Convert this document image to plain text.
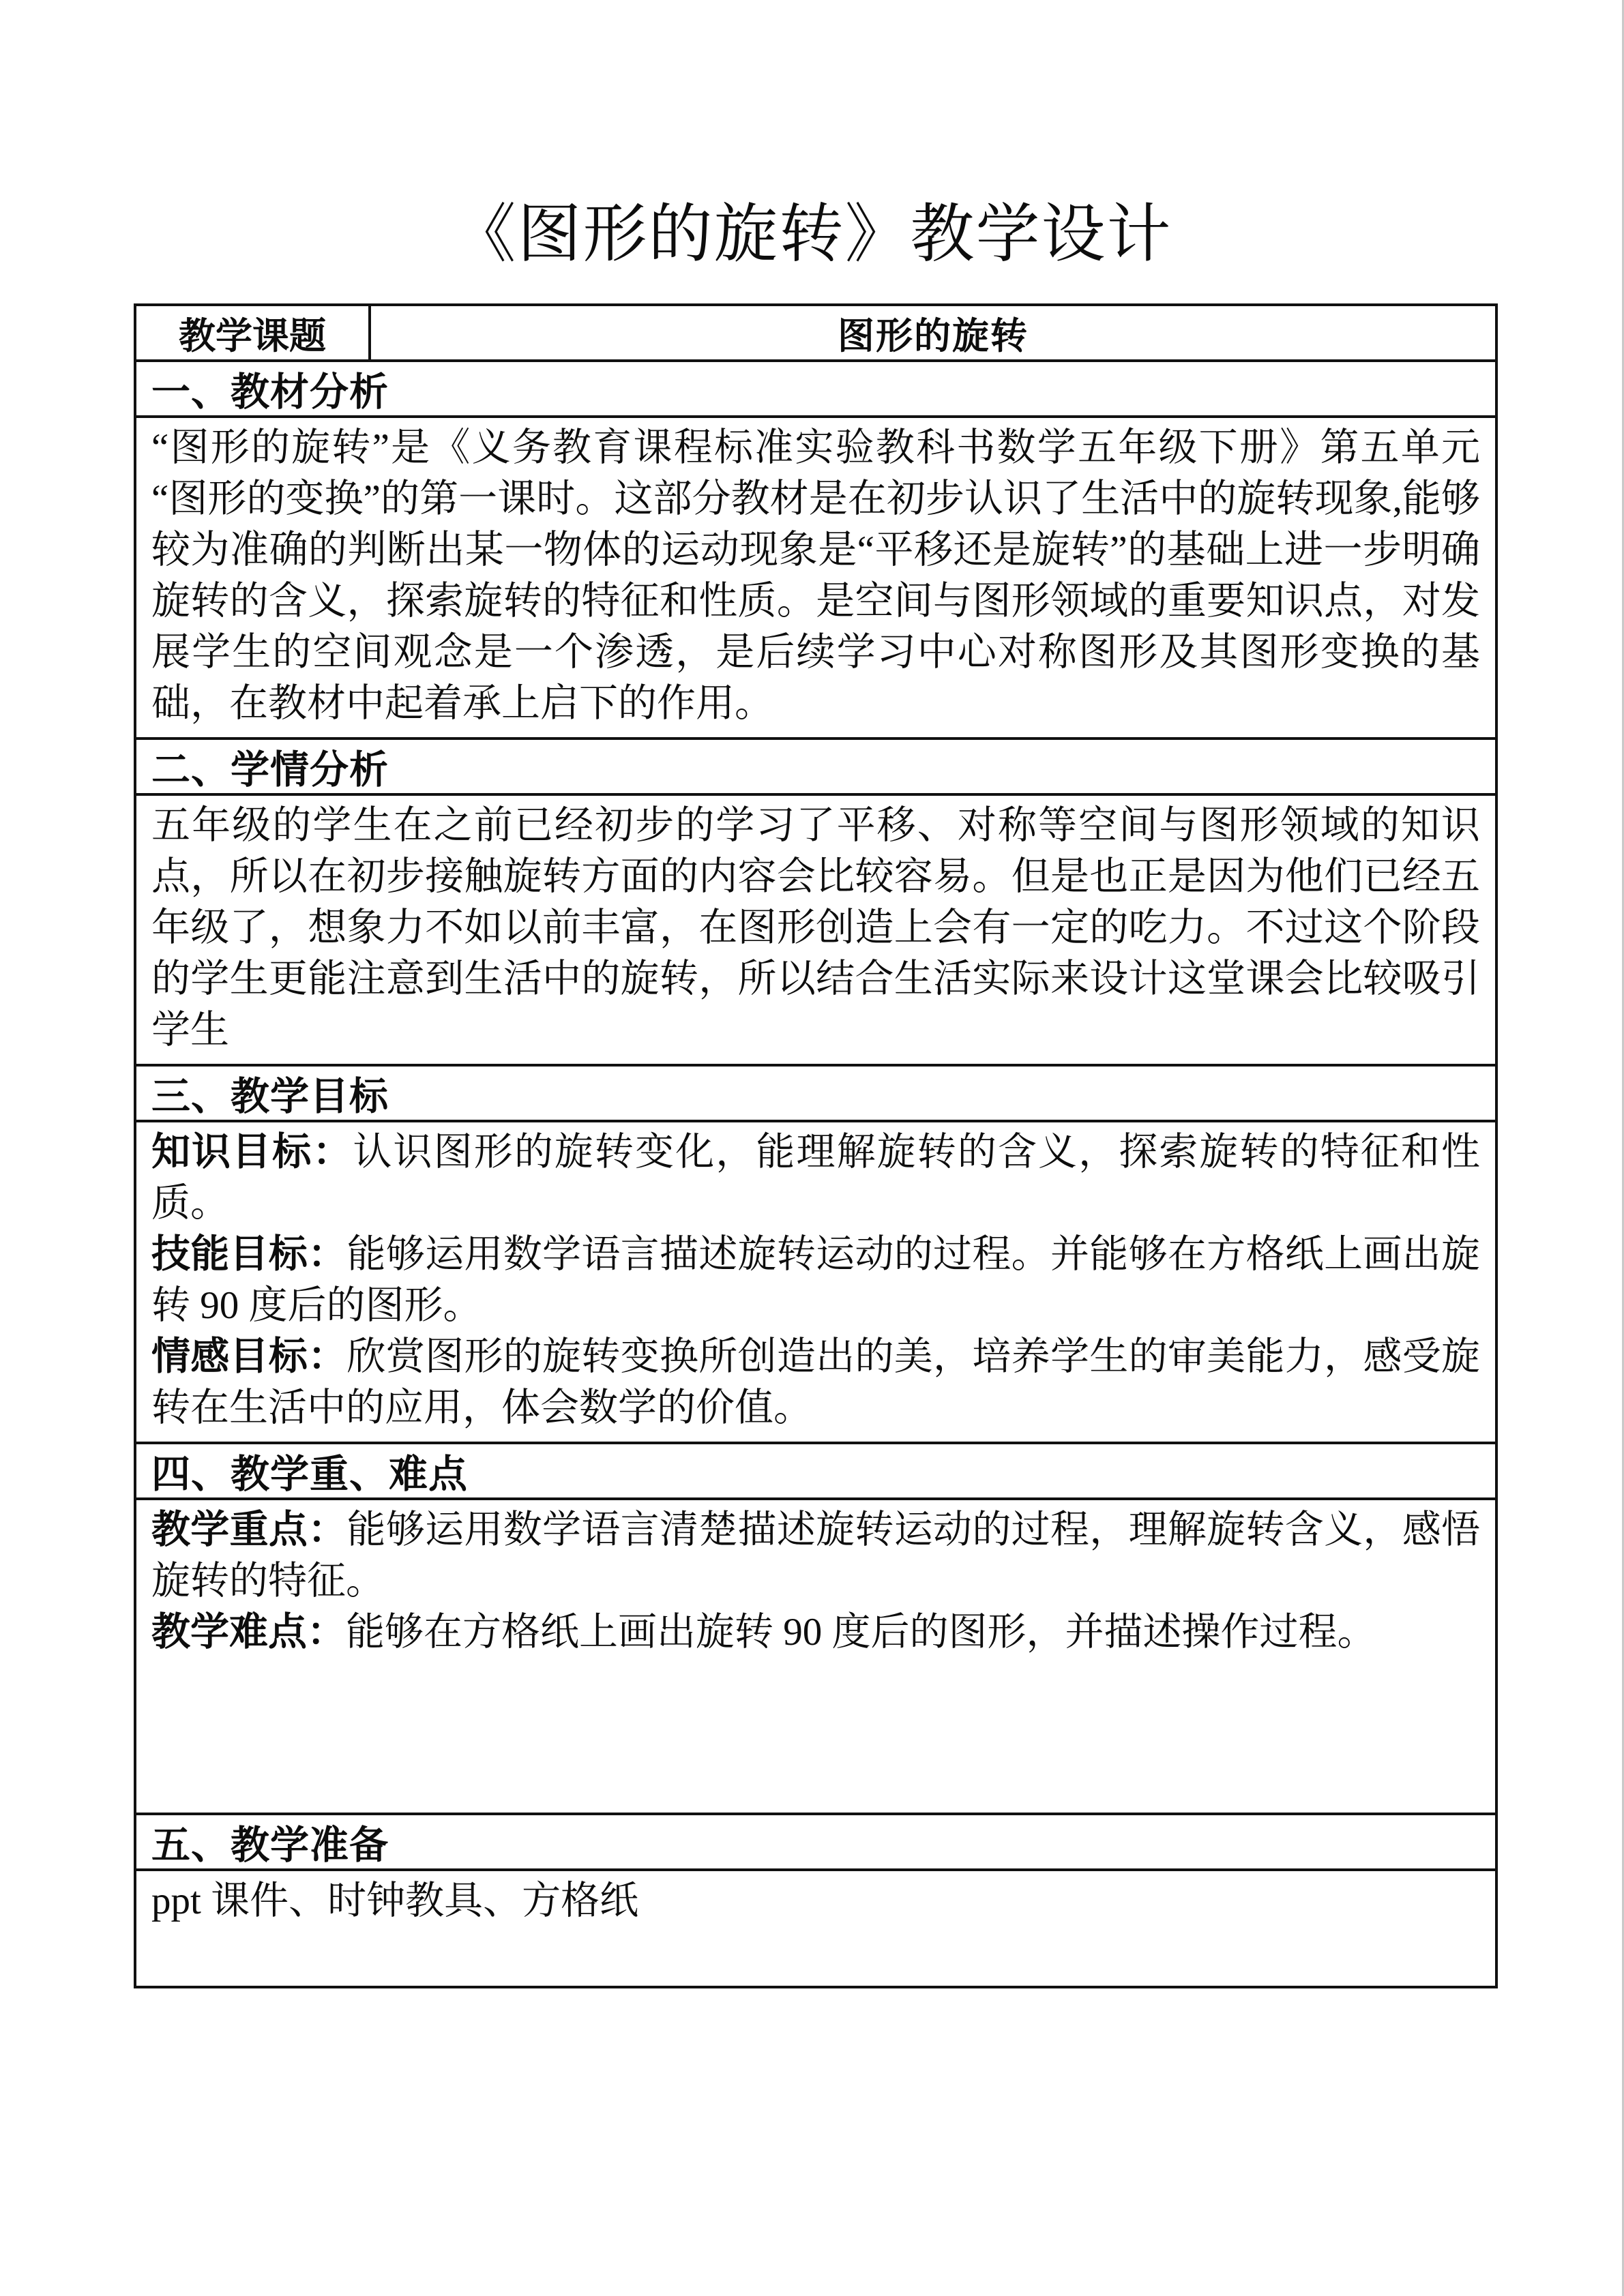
《图形的旋转》教学设计
教学课题	图形的旋转
一、教材分析

“图形的旋转”是《义务教育课程标准实验教科书数学五年级下册》第五单元“图形的变换”的第一课时。这部分教材是在初步认识了生活中的旋转现象,能够较为准确的判断出某一物体的运动现象是“平移还是旋转”的基础上进一步明确旋转的含义，探索旋转的特征和性质。是空间与图形领域的重要知识点，对发展学生的空间观念是一个渗透，是后续学习中心对称图形及其图形变换的基础，在教材中起着承上启下的作用。

二、学情分析

五年级的学生在之前已经初步的学习了平移、对称等空间与图形领域的知识点，所以在初步接触旋转方面的内容会比较容易。但是也正是因为他们已经五年级了，想象力不如以前丰富，在图形创造上会有一定的吃力。不过这个阶段的学生更能注意到生活中的旋转，所以结合生活实际来设计这堂课会比较吸引学生

三、教学目标

知识目标：认识图形的旋转变化，能理解旋转的含义，探索旋转的特征和性质。

技能目标：能够运用数学语言描述旋转运动的过程。并能够在方格纸上画出旋转 90 度后的图形。

情感目标：欣赏图形的旋转变换所创造出的美，培养学生的审美能力，感受旋转在生活中的应用，体会数学的价值。

四、教学重、难点

教学重点：能够运用数学语言清楚描述旋转运动的过程，理解旋转含义，感悟旋转的特征。

教学难点：能够在方格纸上画出旋转 90 度后的图形，并描述操作过程。

五、教学准备

ppt 课件、时钟教具、方格纸
